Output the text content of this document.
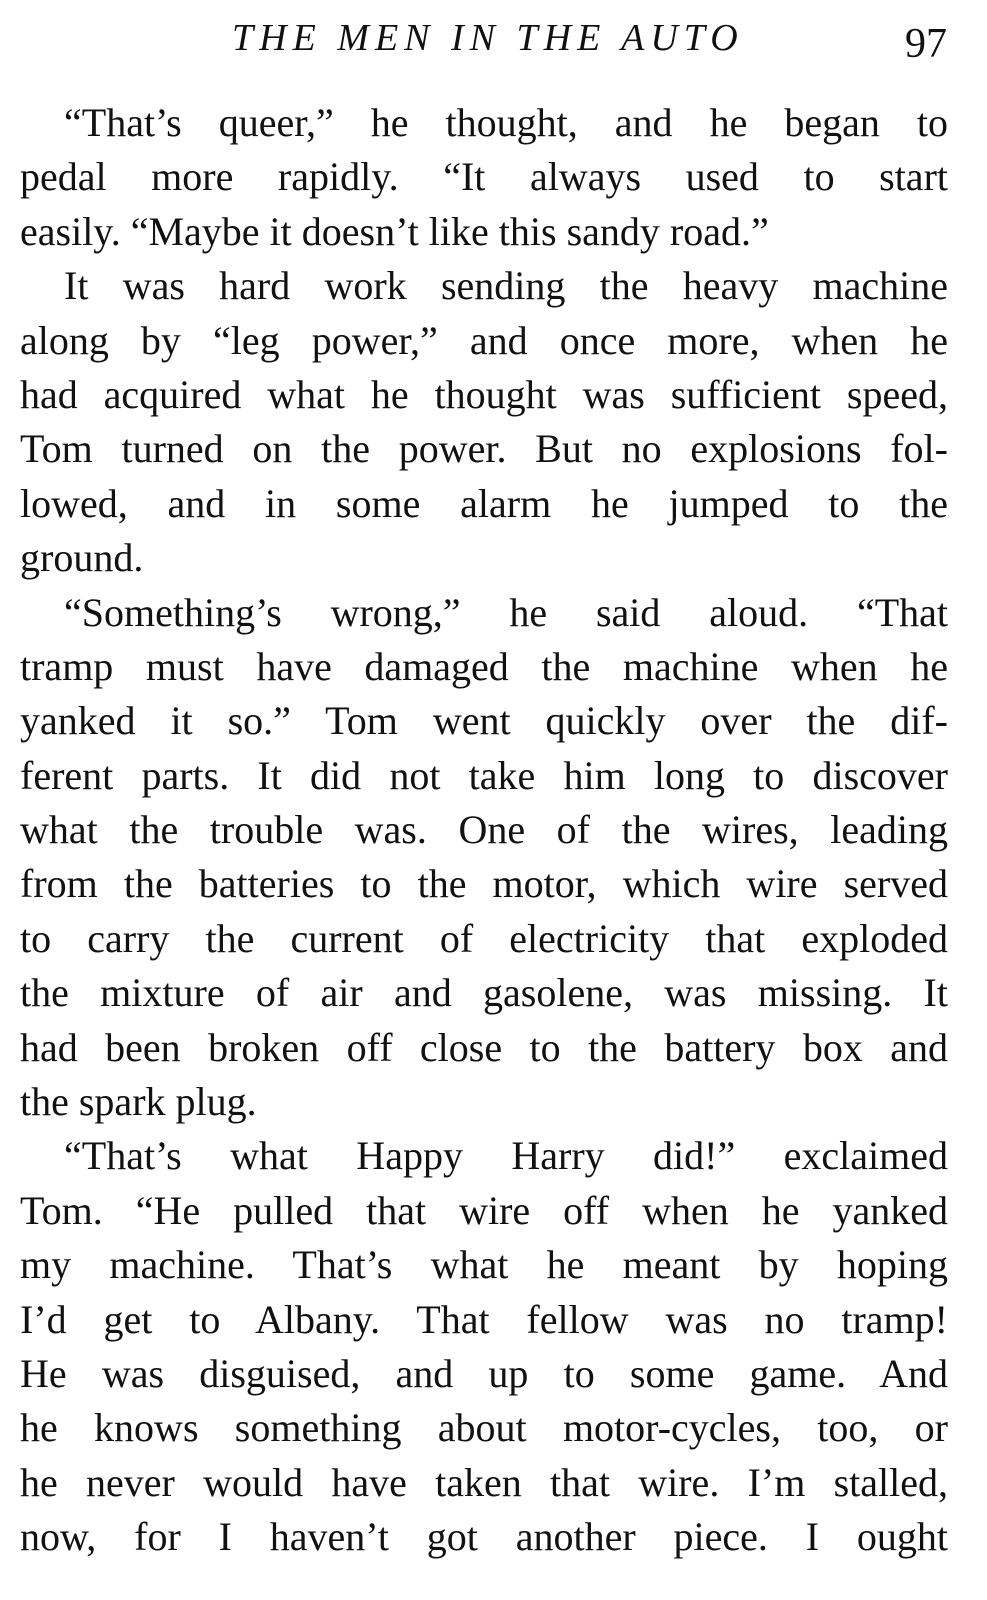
THE MEN IN THE AUTO	97
“That’s queer,” he thought, and he began to
pedal more rapidly. “It always used to start
easily. “Maybe it doesn’t like this sandy road.”
It was hard work sending the heavy machine
along by “leg power,” and once more, when he
had acquired what he thought was sufficient speed,
Tom turned on the power. But no explosions fol-
lowed, and in some alarm he jumped to the
ground.
“Something’s wrong,” he said aloud. “That
tramp must have damaged the machine when he
yanked it so.” Tom went quickly over the dif-
ferent parts. It did not take him long to discover
what the trouble was. One of the wires, leading
from the batteries to the motor, which wire served
to carry the current of electricity that exploded
the mixture of air and gasolene, was missing. It
had been broken off close to the battery box and
the spark plug.
“That’s what Happy Harry did!” exclaimed
Tom. “He pulled that wire off when he yanked
my machine. That’s what he meant by hoping
I’d get to Albany. That fellow was no tramp!
He was disguised, and up to some game. And
he knows something about motor-cycles, too, or
he never would have taken that wire. I’m stalled,
now, for I haven’t got another piece. I ought
